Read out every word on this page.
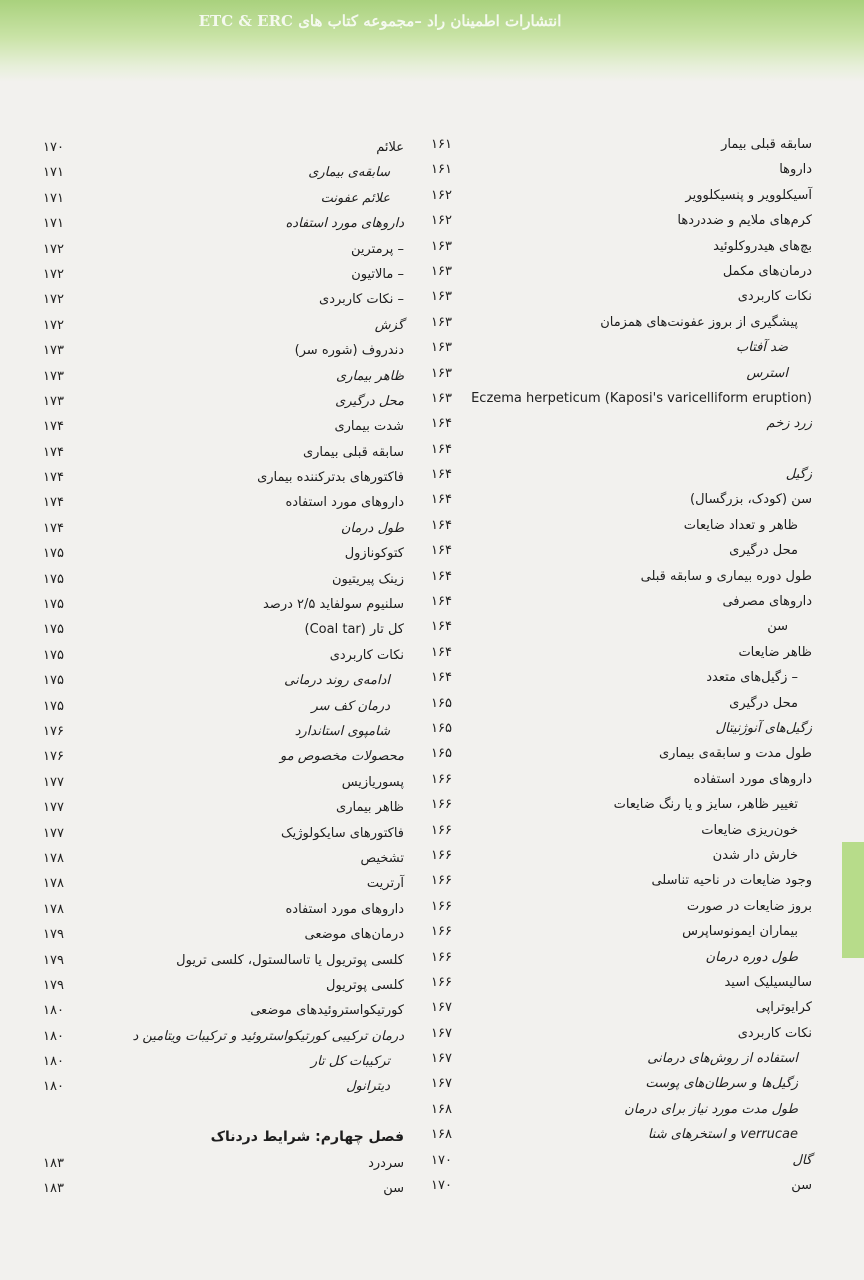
انتشارات اطمینان راد –مجموعه کتاب های ETC & ERC
سابقه قبلی بیمار
۱۶۱
داروها
۱۶۱
آسیکلوویر و پنسیکلوویر
۱۶۲
کرم‌های ملایم و ضددردها
۱۶۲
بچ‌های هیدروکلوئید
۱۶۳
درمان‌های مکمل
۱۶۳
نکات کاربردی
۱۶۳
پیشگیری از بروز عفونت‌های همزمان
۱۶۳
ضد آفتاب
۱۶۳
استرس
۱۶۳
Eczema herpeticum (Kaposi's varicelliform eruption)
۱۶۳
زرد زخم
۱۶۴
۱۶۴
زگیل
۱۶۴
سن (کودک، بزرگسال)
۱۶۴
ظاهر و تعداد ضایعات
۱۶۴
محل درگیری
۱۶۴
طول دوره بیماری و سابقه قبلی
۱۶۴
داروهای مصرفی
۱۶۴
سن
۱۶۴
ظاهر ضایعات
۱۶۴
– زگیل‌های متعدد
۱۶۴
محل درگیری
۱۶۵
زگیل‌های آنوژنیتال
۱۶۵
طول مدت و سابقه‌ی بیماری
۱۶۵
داروهای مورد استفاده
۱۶۶
تغییر ظاهر، سایز و یا رنگ ضایعات
۱۶۶
خون‌ریزی ضایعات
۱۶۶
خارش دار شدن
۱۶۶
وجود ضایعات در ناحیه تناسلی
۱۶۶
بروز ضایعات در صورت
۱۶۶
بیماران ایمونوساپرس
۱۶۶
طول دوره درمان
۱۶۶
سالیسیلیک اسید
۱۶۶
کرایوتراپی
۱۶۷
نکات کاربردی
۱۶۷
استفاده از روش‌های درمانی
۱۶۷
زگیل‌ها و سرطان‌های پوست
۱۶۷
طول مدت مورد نیاز برای درمان
۱۶۸
verrucae و استخرهای شنا
۱۶۸
گال
۱۷۰
سن
۱۷۰
علائم
۱۷۰
سابقه‌ی بیماری
۱۷۱
علائم عفونت
۱۷۱
داروهای مورد استفاده
۱۷۱
– پرمترین
۱۷۲
– مالاتیون
۱۷۲
– نکات کاربردی
۱۷۲
گزش
۱۷۲
دندروف (شوره سر)
۱۷۳
ظاهر بیماری
۱۷۳
محل درگیری
۱۷۳
شدت بیماری
۱۷۴
سابقه قبلی بیماری
۱۷۴
فاکتورهای بدترکننده بیماری
۱۷۴
داروهای مورد استفاده
۱۷۴
طول درمان
۱۷۴
کتوکونازول
۱۷۵
زینک پیریتیون
۱۷۵
سلنیوم سولفاید ۲/۵ درصد
۱۷۵
کل تار (Coal tar)
۱۷۵
نکات کاربردی
۱۷۵
ادامه‌ی روند درمانی
۱۷۵
درمان کف سر
۱۷۵
شامپوی استاندارد
۱۷۶
محصولات مخصوص مو
۱۷۶
پسوریازیس
۱۷۷
ظاهر بیماری
۱۷۷
فاکتورهای سایکولوژیک
۱۷۷
تشخیص
۱۷۸
آرتریت
۱۷۸
داروهای مورد استفاده
۱۷۸
درمان‌های موضعی
۱۷۹
کلسی پوتریول یا تاسالستول، کلسی تریول
۱۷۹
کلسی پوتریول
۱۷۹
کورتیکواستروئیدهای موضعی
۱۸۰
درمان ترکیبی کورتیکواستروئید و ترکیبات ویتامین د
۱۸۰
ترکیبات کل تار
۱۸۰
دیترانول
۱۸۰
فصل چهارم: شرایط دردناک
سردرد
۱۸۳
سن
۱۸۳
